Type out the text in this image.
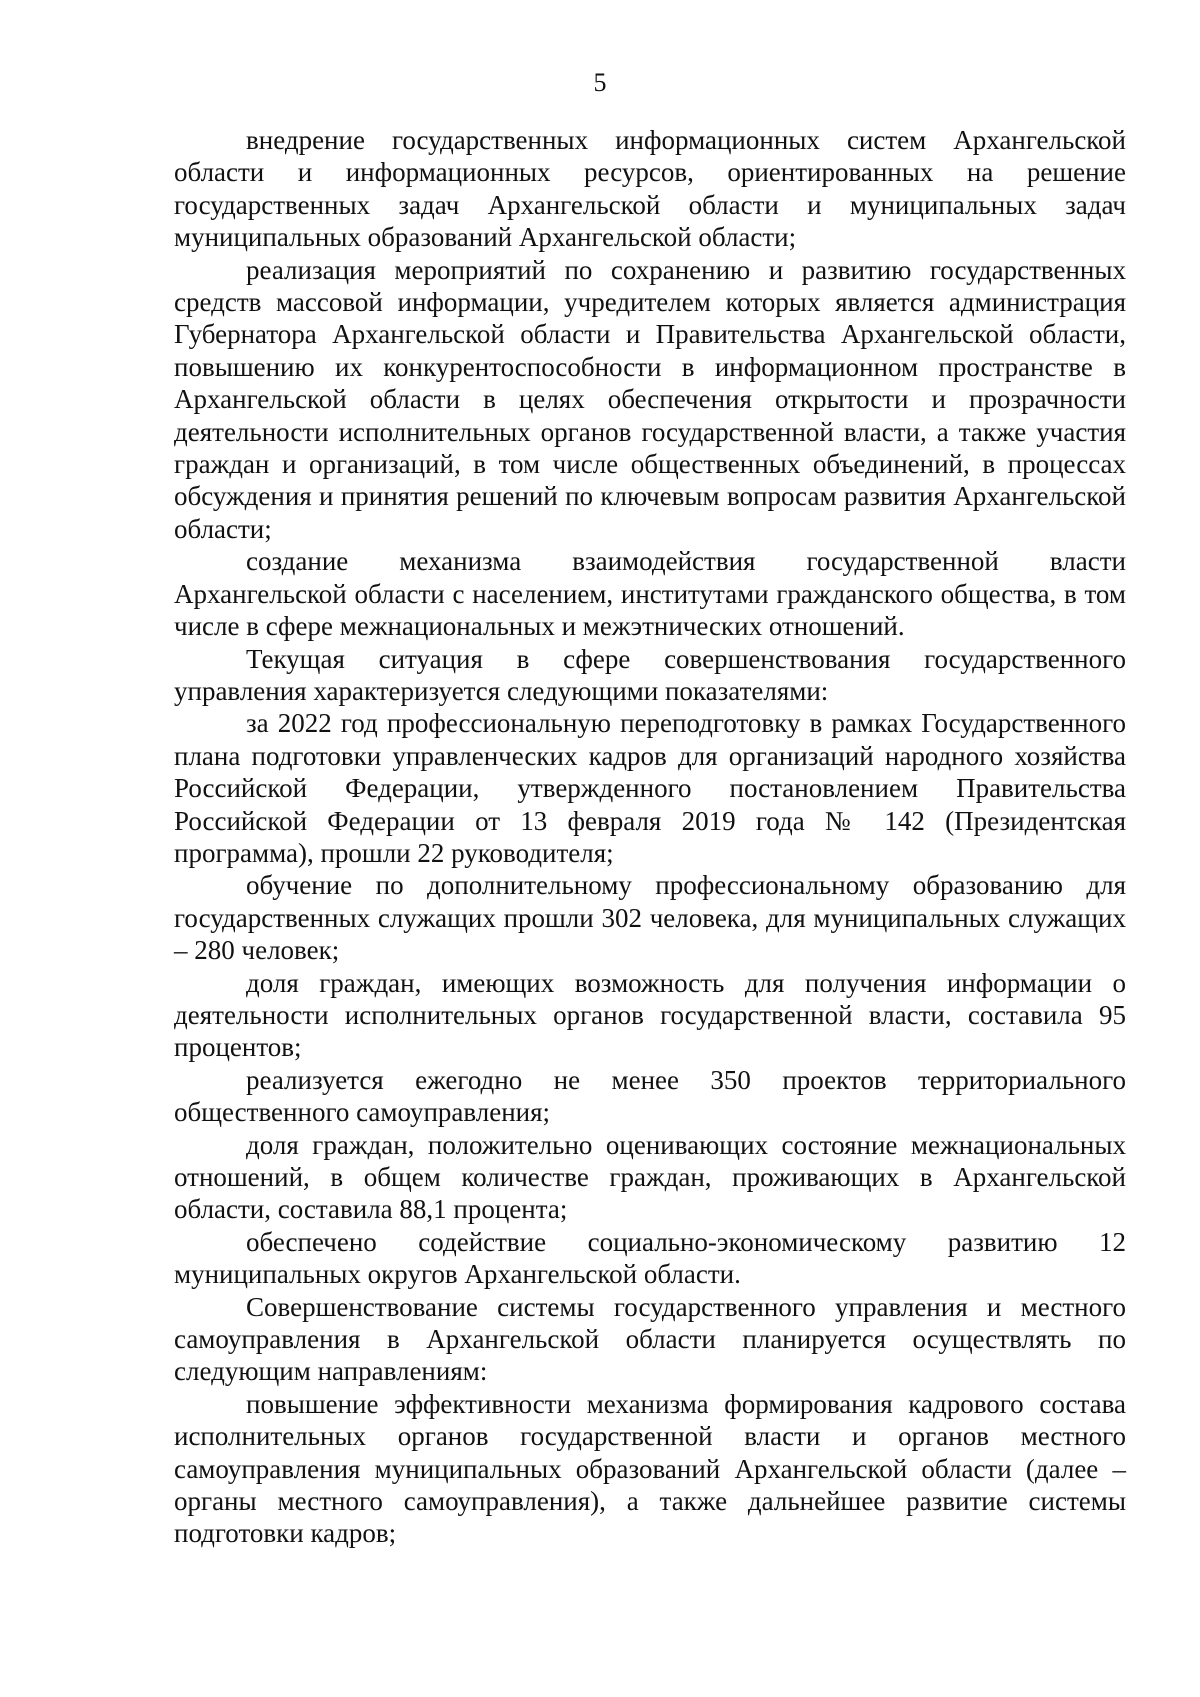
5

внедрение государственных информационных систем Архангельской области и информационных ресурсов, ориентированных на решение государственных задач Архангельской области и муниципальных задач муниципальных образований Архангельской области;

реализация мероприятий по сохранению и развитию государственных средств массовой информации, учредителем которых является администрация Губернатора Архангельской области и Правительства Архангельской области, повышению их конкурентоспособности в информационном пространстве в Архангельской области в целях обеспечения открытости и прозрачности деятельности исполнительных органов государственной власти, а также участия граждан и организаций, в том числе общественных объединений, в процессах обсуждения и принятия решений по ключевым вопросам развития Архангельской области;

создание механизма взаимодействия государственной власти Архангельской области с населением, институтами гражданского общества, в том числе в сфере межнациональных и межэтнических отношений.

Текущая ситуация в сфере совершенствования государственного управления характеризуется следующими показателями:

за 2022 год профессиональную переподготовку в рамках Государственного плана подготовки управленческих кадров для организаций народного хозяйства Российской Федерации, утвержденного постановлением Правительства Российской Федерации от 13 февраля 2019 года № 142 (Президентская программа), прошли 22 руководителя;

обучение по дополнительному профессиональному образованию для государственных служащих прошли 302 человека, для муниципальных служащих – 280 человек;

доля граждан, имеющих возможность для получения информации о деятельности исполнительных органов государственной власти, составила 95 процентов;

реализуется ежегодно не менее 350 проектов территориального общественного самоуправления;

доля граждан, положительно оценивающих состояние межнациональных отношений, в общем количестве граждан, проживающих в Архангельской области, составила 88,1 процента;

обеспечено содействие социально-экономическому развитию 12 муниципальных округов Архангельской области.

Совершенствование системы государственного управления и местного самоуправления в Архангельской области планируется осуществлять по следующим направлениям:

повышение эффективности механизма формирования кадрового состава исполнительных органов государственной власти и органов местного самоуправления муниципальных образований Архангельской области (далее – органы местного самоуправления), а также дальнейшее развитие системы подготовки кадров;
